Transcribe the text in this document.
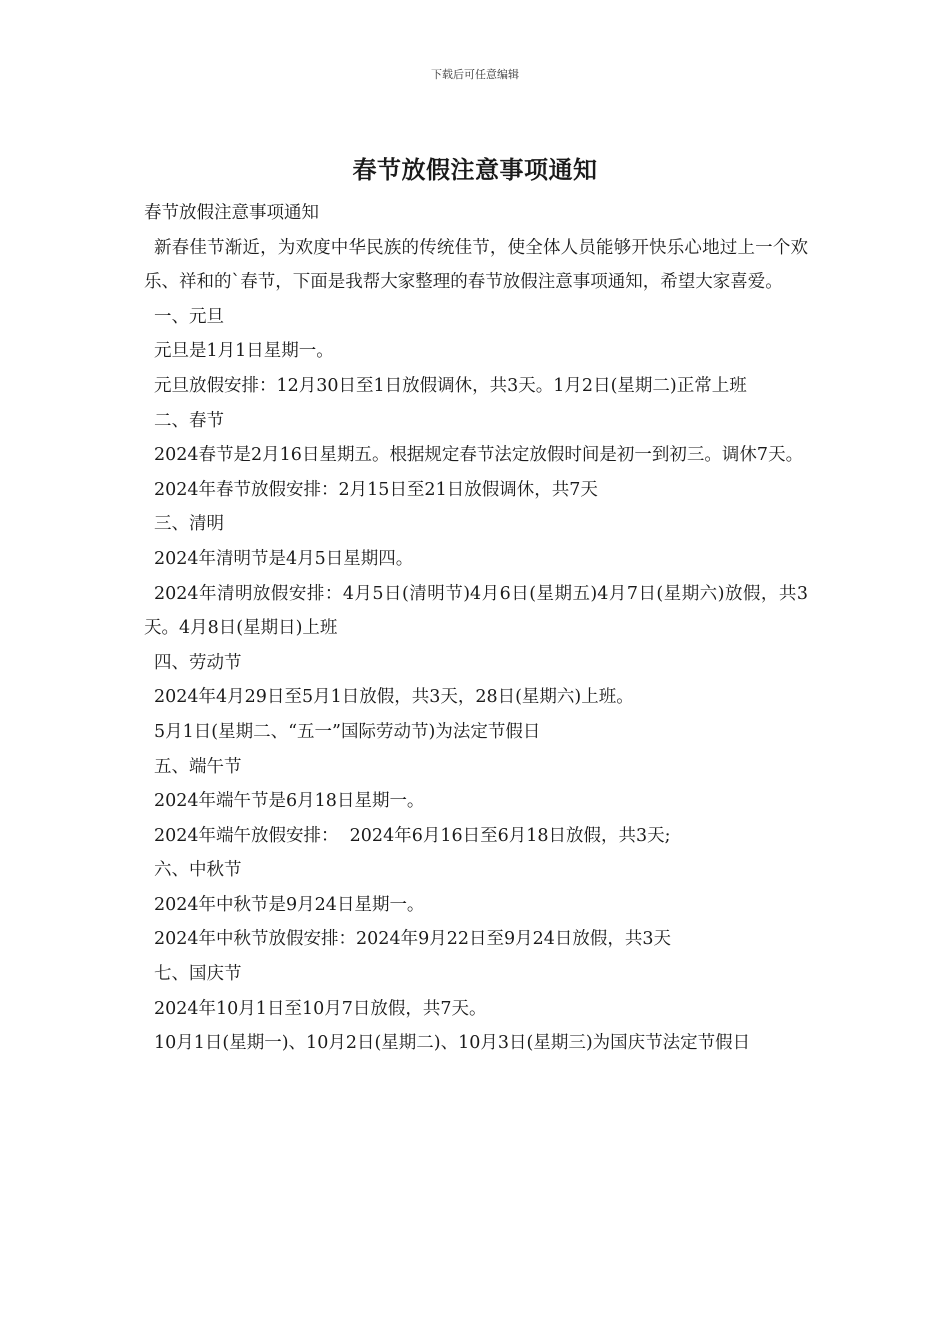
下载后可任意编辑
春节放假注意事项通知

春节放假注意事项通知

新春佳节渐近，为欢度中华民族的传统佳节，使全体人员能够开快乐心地过上一个欢乐、祥和的`春节，下面是我帮大家整理的春节放假注意事项通知，希望大家喜爱。

一、元旦

元旦是1月1日星期一。

元旦放假安排：12月30日至1日放假调休，共3天。1月2日(星期二)正常上班

二、春节

2024春节是2月16日星期五。根据规定春节法定放假时间是初一到初三。调休7天。

2024年春节放假安排：2月15日至21日放假调休，共7天

三、清明

2024年清明节是4月5日星期四。

2024年清明放假安排：4月5日(清明节)4月6日(星期五)4月7日(星期六)放假，共3天。4月8日(星期日)上班

四、劳动节

2024年4月29日至5月1日放假，共3天，28日(星期六)上班。

5月1日(星期二、“五一”国际劳动节)为法定节假日

五、端午节

2024年端午节是6月18日星期一。

2024年端午放假安排：  2024年6月16日至6月18日放假，共3天;

六、中秋节

2024年中秋节是9月24日星期一。

2024年中秋节放假安排：2024年9月22日至9月24日放假，共3天

七、国庆节

2024年10月1日至10月7日放假，共7天。

10月1日(星期一)、10月2日(星期二)、10月3日(星期三)为国庆节法定节假日
